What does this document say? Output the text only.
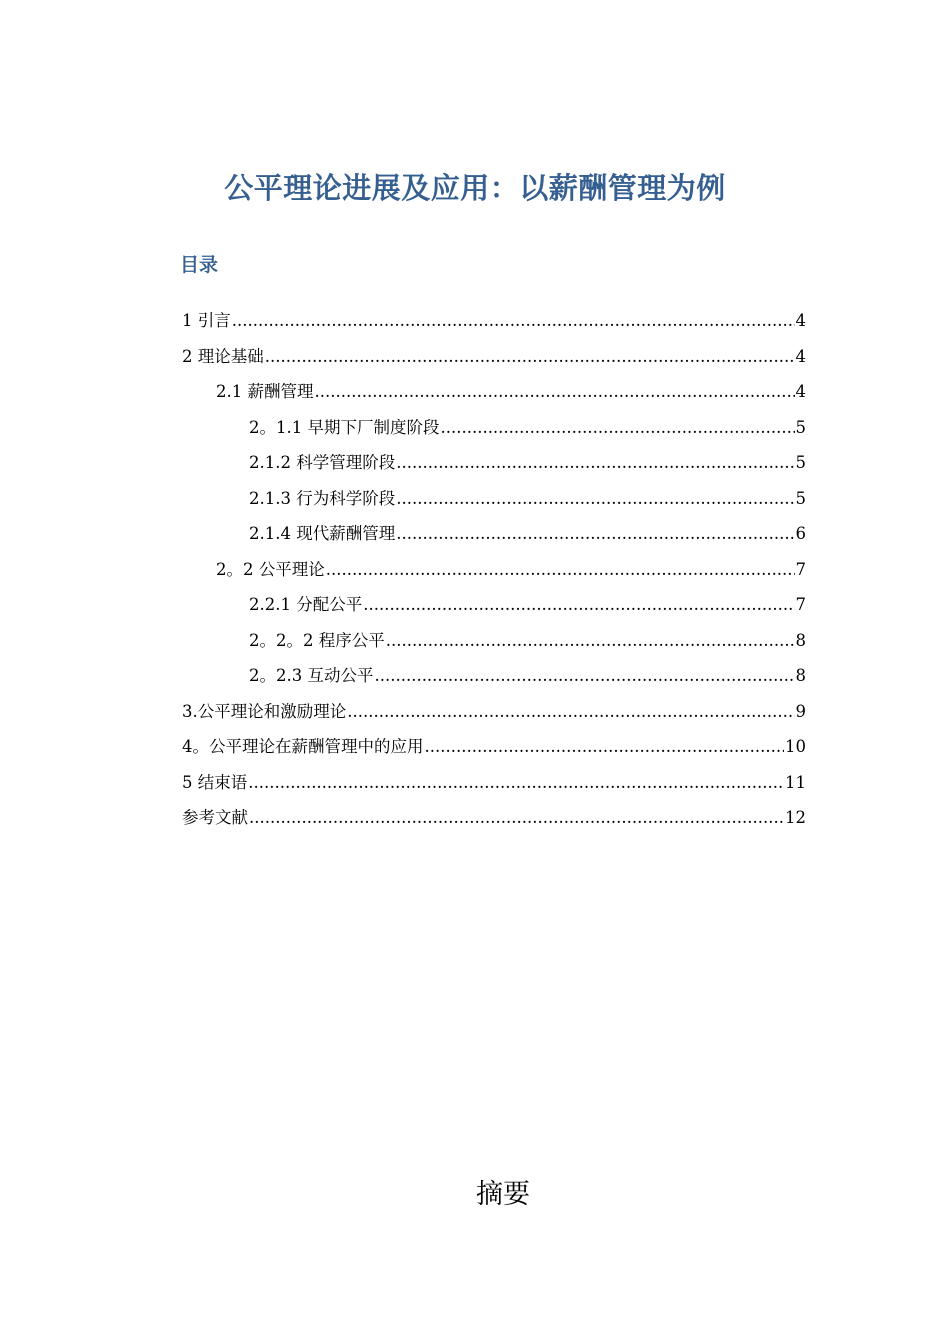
公平理论进展及应用：以薪酬管理为例
目录
1 引言 .....	4
2 理论基础 .....	4
2.1 薪酬管理 .....	4
2。1.1 早期下厂制度阶段 .....	5
2.1.2 科学管理阶段 .....	5
2.1.3 行为科学阶段 .....	5
2.1.4 现代薪酬管理 .....	6
2。2 公平理论 .....	7
2.2.1 分配公平 .....	7
2。2。2 程序公平 .....	8
2。2.3 互动公平 .....	8
3.公平理论和激励理论 .....	9
4。公平理论在薪酬管理中的应用 .....	10
5 结束语 .....	11
参考文献 .....	12
摘要
